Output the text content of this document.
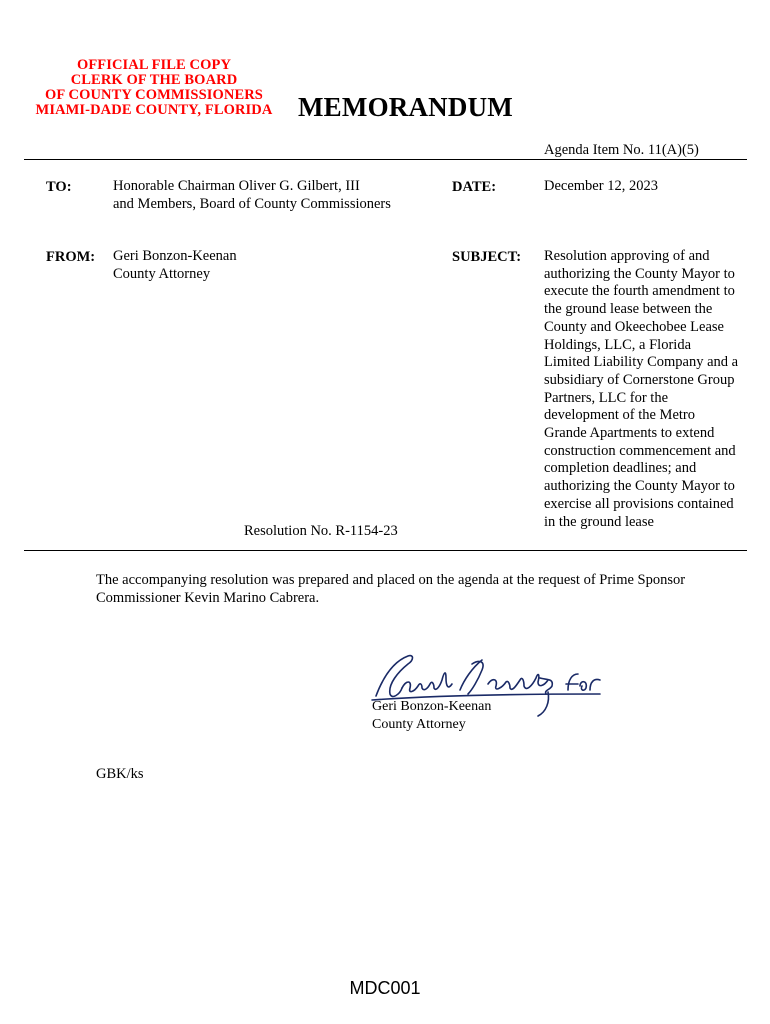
OFFICIAL FILE COPY
CLERK OF THE BOARD
OF COUNTY COMMISSIONERS
MIAMI-DADE COUNTY, FLORIDA MEMORANDUM
Agenda Item No. 11(A)(5)
TO:	Honorable Chairman Oliver G. Gilbert, III
and Members, Board of County Commissioners
DATE:	December 12, 2023
FROM: Geri Bonzon-Keenan
County Attorney
SUBJECT: Resolution approving of and
authorizing the County Mayor to
execute the fourth amendment to
the ground lease between the
County and Okeechobee Lease
Holdings, LLC, a Florida
Limited Liability Company and a
subsidiary of Cornerstone Group
Partners, LLC for the
development of the Metro
Grande Apartments to extend
construction commencement and
completion deadlines; and
authorizing the County Mayor to
exercise all provisions contained
in the ground lease
Resolution No. R-1154-23
The accompanying resolution was prepared and placed on the agenda at the request of Prime Sponsor
Commissioner Kevin Marino Cabrera.
Geri Bonzon-Keenan
County Attorney
GBK/ks
MDC001
